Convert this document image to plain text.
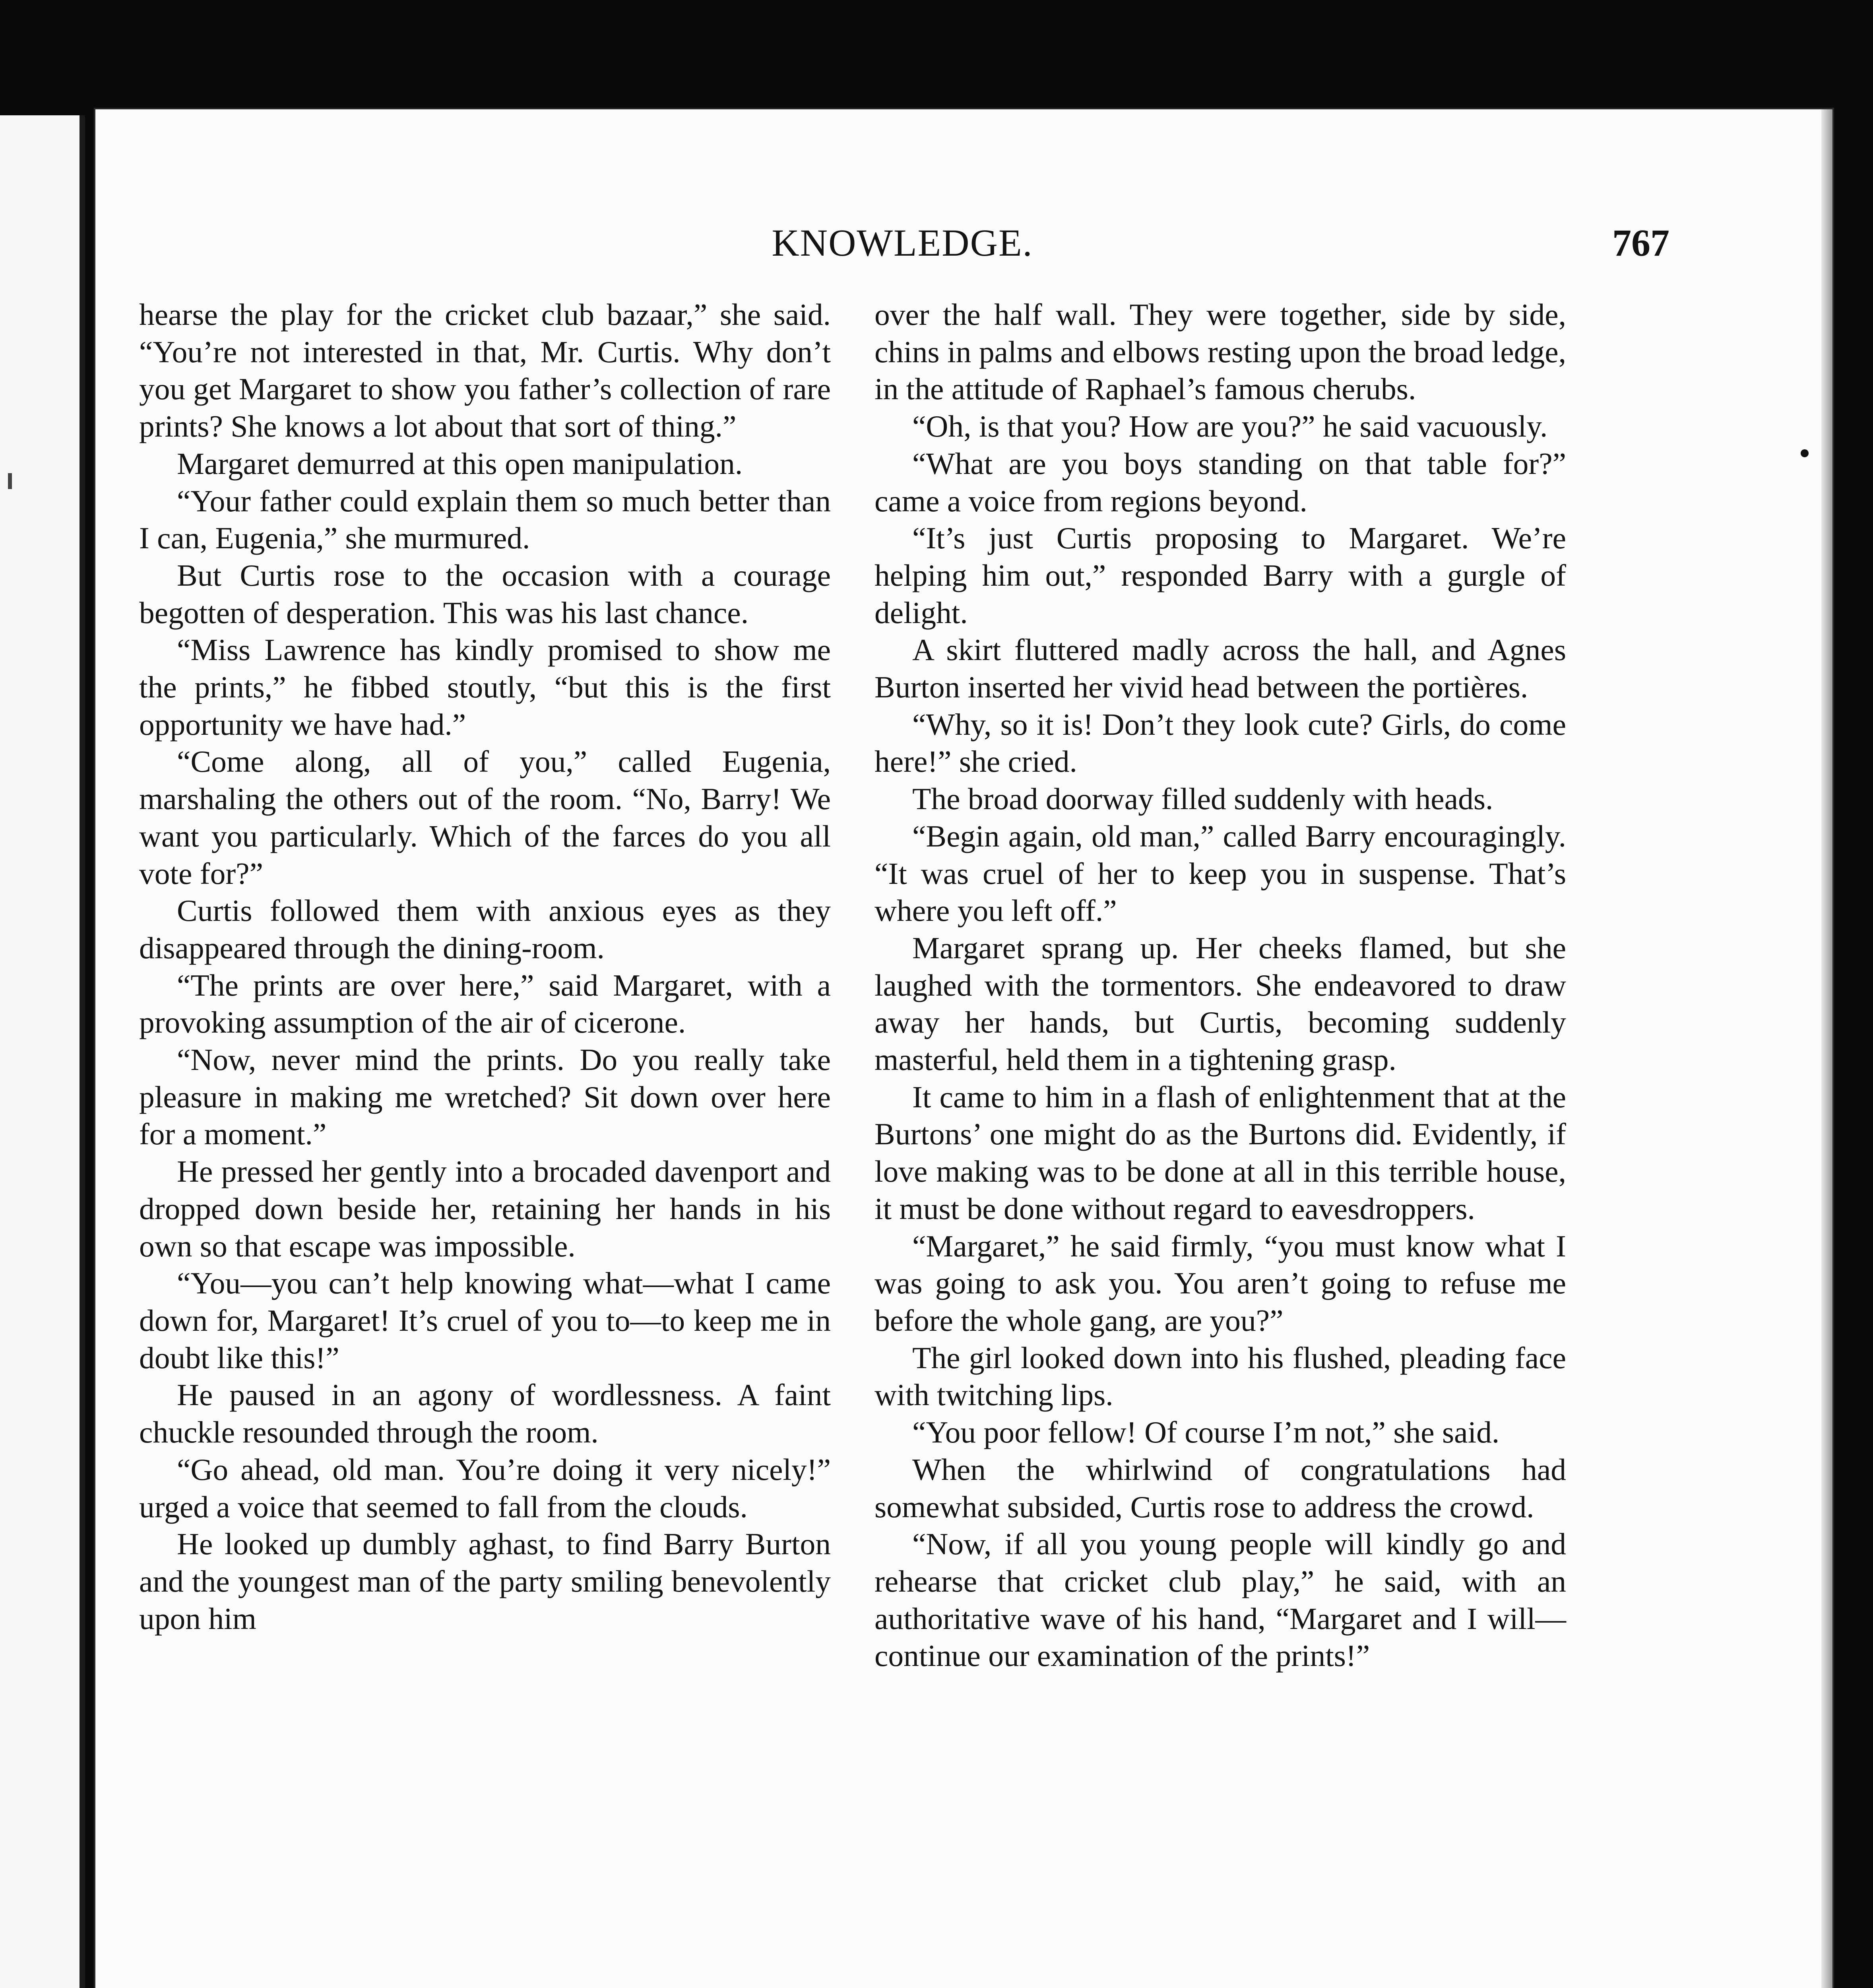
KNOWLEDGE.	767

hearse the play for the cricket club bazaar,” she said. “You’re not interested in that, Mr. Curtis. Why don’t you get Margaret to show you father’s collection of rare prints? She knows a lot about that sort of thing.”

Margaret demurred at this open manipulation.

“Your father could explain them so much better than I can, Eugenia,” she murmured.

But Curtis rose to the occasion with a courage begotten of desperation. This was his last chance.

“Miss Lawrence has kindly promised to show me the prints,” he fibbed stoutly, “but this is the first opportunity we have had.”

“Come along, all of you,” called Eugenia, marshaling the others out of the room. “No, Barry! We want you particularly. Which of the farces do you all vote for?”

Curtis followed them with anxious eyes as they disappeared through the dining-room.

“The prints are over here,” said Margaret, with a provoking assumption of the air of cicerone.

“Now, never mind the prints. Do you really take pleasure in making me wretched? Sit down over here for a moment.”

He pressed her gently into a brocaded davenport and dropped down beside her, retaining her hands in his own so that escape was impossible.

“You—you can’t help knowing what—what I came down for, Margaret! It’s cruel of you to—to keep me in doubt like this!”

He paused in an agony of wordlessness. A faint chuckle resounded through the room.

“Go ahead, old man. You’re doing it very nicely!” urged a voice that seemed to fall from the clouds.

He looked up dumbly aghast, to find Barry Burton and the youngest man of the party smiling benevolently upon him

over the half wall. They were together, side by side, chins in palms and elbows resting upon the broad ledge, in the attitude of Raphael’s famous cherubs.

“Oh, is that you? How are you?” he said vacuously.

“What are you boys standing on that table for?” came a voice from regions beyond.

“It’s just Curtis proposing to Margaret. We’re helping him out,” responded Barry with a gurgle of delight.

A skirt fluttered madly across the hall, and Agnes Burton inserted her vivid head between the portières.

“Why, so it is! Don’t they look cute? Girls, do come here!” she cried.

The broad doorway filled suddenly with heads.

“Begin again, old man,” called Barry encouragingly. “It was cruel of her to keep you in suspense. That’s where you left off.”

Margaret sprang up. Her cheeks flamed, but she laughed with the tormentors. She endeavored to draw away her hands, but Curtis, becoming suddenly masterful, held them in a tightening grasp.

It came to him in a flash of enlightenment that at the Burtons’ one might do as the Burtons did. Evidently, if love making was to be done at all in this terrible house, it must be done without regard to eavesdroppers.

“Margaret,” he said firmly, “you must know what I was going to ask you. You aren’t going to refuse me before the whole gang, are you?”

The girl looked down into his flushed, pleading face with twitching lips.

“You poor fellow! Of course I’m not,” she said.

When the whirlwind of congratulations had somewhat subsided, Curtis rose to address the crowd.

“Now, if all you young people will kindly go and rehearse that cricket club play,” he said, with an authoritative wave of his hand, “Margaret and I will—continue our examination of the prints!”
